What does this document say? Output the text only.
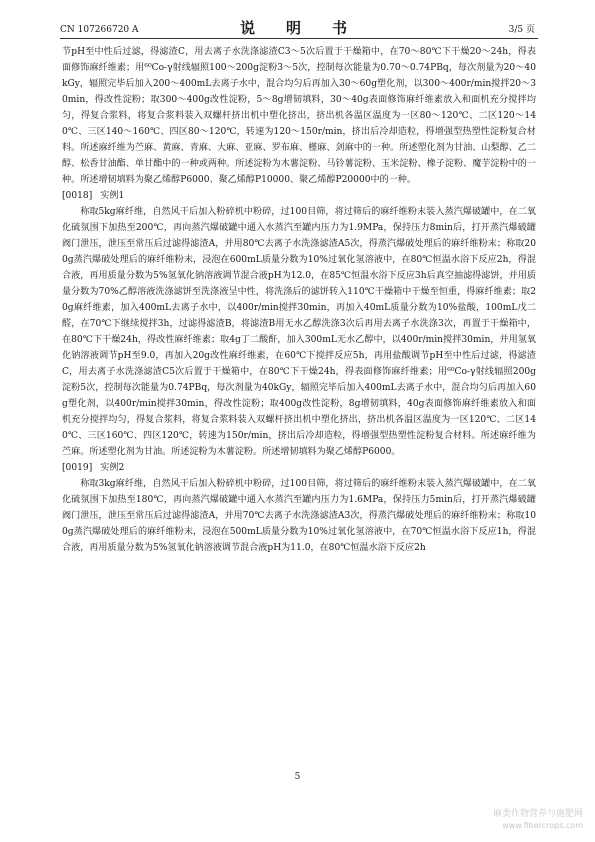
CN 107266720 A	说　明　书	3/5 页

节pH至中性后过滤，得滤渣C，用去离子水洗涤滤渣C3～5次后置于干燥箱中，在70～80℃下干燥20～24h，得表面修饰麻纤维素；用⁶⁰Co-γ射线辐照100～200g淀粉3～5次，控制每次能量为0.70～0.74PBq，每次剂量为20～40kGy，辐照完毕后加入200～400mL去离子水中，混合均匀后再加入30～60g塑化剂，以300～400r/min搅拌20～30min，得改性淀粉；取300～400g改性淀粉，5～8g增韧填料，30～40g表面修饰麻纤维素放入和面机充分搅拌均匀，得复合浆料，将复合浆料装入双螺杆挤出机中塑化挤出，挤出机各温区温度为一区80～120℃、二区120～140℃、三区140～160℃、四区80～120℃，转速为120～150r/min，挤出后冷却造粒，得增强型热塑性淀粉复合材料。所述麻纤维为苎麻、黄麻、青麻、大麻、亚麻、罗布麻、槿麻、剑麻中的一种。所述塑化剂为甘油、山梨醇、乙二醇、松香甘油酯、单甘酯中的一种或两种。所述淀粉为木薯淀粉、马铃薯淀粉、玉米淀粉、橡子淀粉、魔芋淀粉中的一种。所述增韧填料为聚乙烯醇P6000、聚乙烯醇P10000、聚乙烯醇P20000中的一种。

[0018] 实例1

称取5kg麻纤维，自然风干后加入粉碎机中粉碎，过100目筛，将过筛后的麻纤维粉末装入蒸汽爆破罐中，在二氧化硫氛围下加热至200℃，再向蒸汽爆破罐中通入水蒸汽至罐内压力为1.9MPa，保持压力8min后，打开蒸汽爆破罐阀门泄压，泄压至常压后过滤得滤渣A，并用80℃去离子水洗涤滤渣A5次，得蒸汽爆破处理后的麻纤维粉末；称取200g蒸汽爆破处理后的麻纤维粉末，浸泡在600mL质量分数为10%过氧化氢溶液中，在80℃恒温水浴下反应2h，得混合液，再用质量分数为5%氢氧化钠溶液调节混合液pH为12.0，在85℃恒温水浴下反应3h后真空抽滤得滤饼，并用质量分数为70%乙醇溶液洗涤滤饼至洗涤液呈中性，将洗涤后的滤饼转入110℃干燥箱中干燥至恒重，得麻纤维素；取20g麻纤维素，加入400mL去离子水中，以400r/min搅拌30min，再加入40mL质量分数为10%盐酸，100mL戊二醛，在70℃下继续搅拌3h，过滤得滤渣B，将滤渣B用无水乙醇洗涤3次后再用去离子水洗涤3次，再置于干燥箱中，在80℃下干燥24h，得改性麻纤维素；取4g丁二酸酐，加入300mL无水乙醇中，以400r/min搅拌30min，并用氢氧化钠溶液调节pH至9.0，再加入20g改性麻纤维素，在60℃下搅拌反应5h，再用盐酸调节pH至中性后过滤，得滤渣C，用去离子水洗涤滤渣C5次后置于干燥箱中，在80℃下干燥24h，得表面修饰麻纤维素；用⁶⁰Co-γ射线辐照200g淀粉5次，控制每次能量为0.74PBq，每次剂量为40kGy，辐照完毕后加入400mL去离子水中，混合均匀后再加入60g塑化剂，以400r/min搅拌30min，得改性淀粉；取400g改性淀粉，8g增韧填料，40g表面修饰麻纤维素放入和面机充分搅拌均匀，得复合浆料，将复合浆料装入双螺杆挤出机中塑化挤出，挤出机各温区温度为一区120℃、二区140℃、三区160℃、四区120℃，转速为150r/min，挤出后冷却造粒，得增强型热塑性淀粉复合材料。所述麻纤维为苎麻。所述塑化剂为甘油。所述淀粉为木薯淀粉。所述增韧填料为聚乙烯醇P6000。

[0019] 实例2

称取3kg麻纤维，自然风干后加入粉碎机中粉碎，过100目筛，将过筛后的麻纤维粉末装入蒸汽爆破罐中，在二氧化硫氛围下加热至180℃，再向蒸汽爆破罐中通入水蒸汽至罐内压力为1.6MPa，保持压力5min后，打开蒸汽爆破罐阀门泄压，泄压至常压后过滤得滤渣A，并用70℃去离子水洗涤滤渣A3次，得蒸汽爆破处理后的麻纤维粉末；称取100g蒸汽爆破处理后的麻纤维粉末，浸泡在500mL质量分数为10%过氧化氢溶液中，在70℃恒温水浴下反应1h，得混合液，再用质量分数为5%氢氧化钠溶液调节混合液pH为11.0，在80℃恒温水浴下反应2h

5
麻类作物营养与施肥网
www.fibercrops.com
